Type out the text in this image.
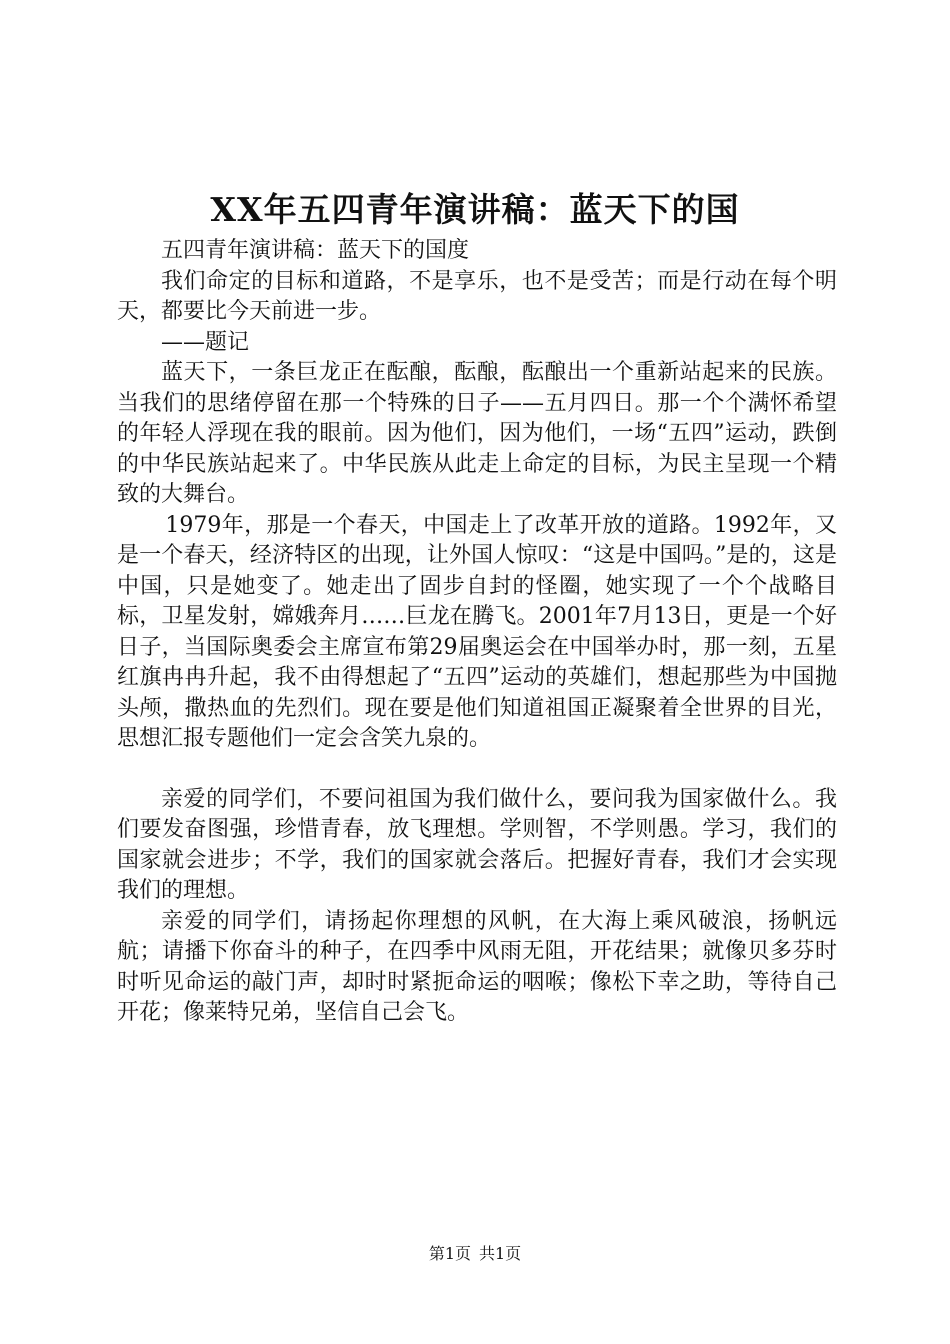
XX年五四青年演讲稿：蓝天下的国

五四青年演讲稿：蓝天下的国度

我们命定的目标和道路，不是享乐，也不是受苦；而是行动在每个明天，都要比今天前进一步。

——题记

蓝天下，一条巨龙正在酝酿，酝酿，酝酿出一个重新站起来的民族。当我们的思绪停留在那一个特殊的日子——五月四日。那一个个满怀希望的年轻人浮现在我的眼前。因为他们，因为他们，一场“五四”运动，跌倒的中华民族站起来了。中华民族从此走上命定的目标，为民主呈现一个精致的大舞台。

1979年，那是一个春天，中国走上了改革开放的道路。1992年，又是一个春天，经济特区的出现，让外国人惊叹：“这是中国吗。”是的，这是中国，只是她变了。她走出了固步自封的怪圈，她实现了一个个战略目标，卫星发射，嫦娥奔月……巨龙在腾飞。2001年7月13日，更是一个好日子，当国际奥委会主席宣布第29届奥运会在中国举办时，那一刻，五星红旗冉冉升起，我不由得想起了“五四”运动的英雄们，想起那些为中国抛头颅，撒热血的先烈们。现在要是他们知道祖国正凝聚着全世界的目光，思想汇报专题他们一定会含笑九泉的。

亲爱的同学们，不要问祖国为我们做什么，要问我为国家做什么。我们要发奋图强，珍惜青春，放飞理想。学则智，不学则愚。学习，我们的国家就会进步；不学，我们的国家就会落后。把握好青春，我们才会实现我们的理想。

亲爱的同学们，请扬起你理想的风帆，在大海上乘风破浪，扬帆远航；请播下你奋斗的种子，在四季中风雨无阻，开花结果；就像贝多芬时时听见命运的敲门声，却时时紧扼命运的咽喉；像松下幸之助，等待自己开花；像莱特兄弟，坚信自己会飞。

第1页 共1页
